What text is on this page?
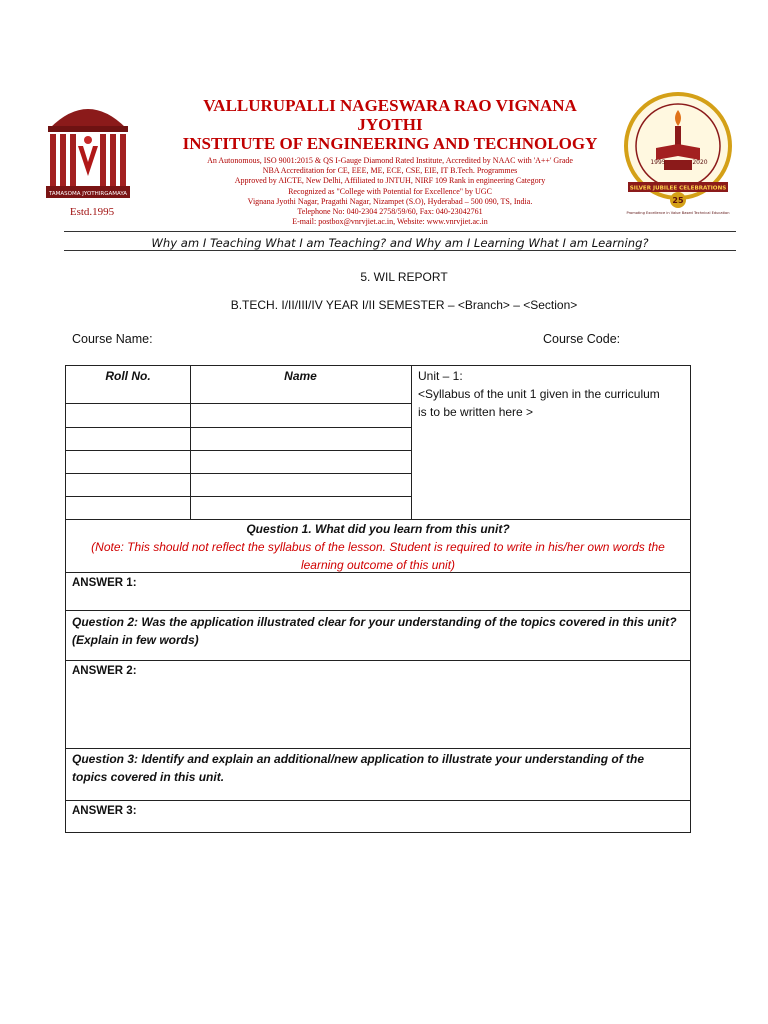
TAMASOMA JYOTHIRGAMAYA
Estd.1995
VALLURUPALLI NAGESWARA RAO VIGNANA
JYOTHI
INSTITUTE OF ENGINEERING AND TECHNOLOGY
An Autonomous, ISO 9001:2015 & QS I-Gauge Diamond Rated Institute, Accredited by NAAC with 'A++' Grade
NBA Accreditation for CE, EEE, ME, ECE, CSE, EIE, IT B.Tech. Programmes
Approved by AICTE, New Delhi, Affiliated to JNTUH, NIRF 109 Rank in engineering Category
Recognized as "College with Potential for Excellence" by UGC
Vignana Jyothi Nagar, Pragathi Nagar, Nizampet (S.O), Hyderabad – 500 090, TS, India.
Telephone No: 040-2304 2758/59/60, Fax: 040-23042761
E-mail: postbox@vnrvjiet.ac.in, Website: www.vnrvjiet.ac.in
1995	2020
SILVER JUBILEE CELEBRATIONS
25
Promoting Excellence in Value Based Technical Education
Why am I Teaching What I am Teaching? and Why am I Learning What I am Learning?
5. WIL REPORT
B.TECH. I/II/III/IV YEAR I/II SEMESTER – <Branch> – <Section>
Course Name:	Course Code:
Roll No.	Name	Unit – 1:
<Syllabus of the unit 1 given in the curriculum
is to be written here >
Question 1. What did you learn from this unit?
(Note: This should not reflect the syllabus of the lesson. Student is required to write in his/her own words the
learning outcome of this unit)
ANSWER 1:
Question 2: Was the application illustrated clear for your understanding of the topics covered in this unit?
(Explain in few words)
ANSWER 2:
Question 3: Identify and explain an additional/new application to illustrate your understanding of the
topics covered in this unit.
ANSWER 3:
